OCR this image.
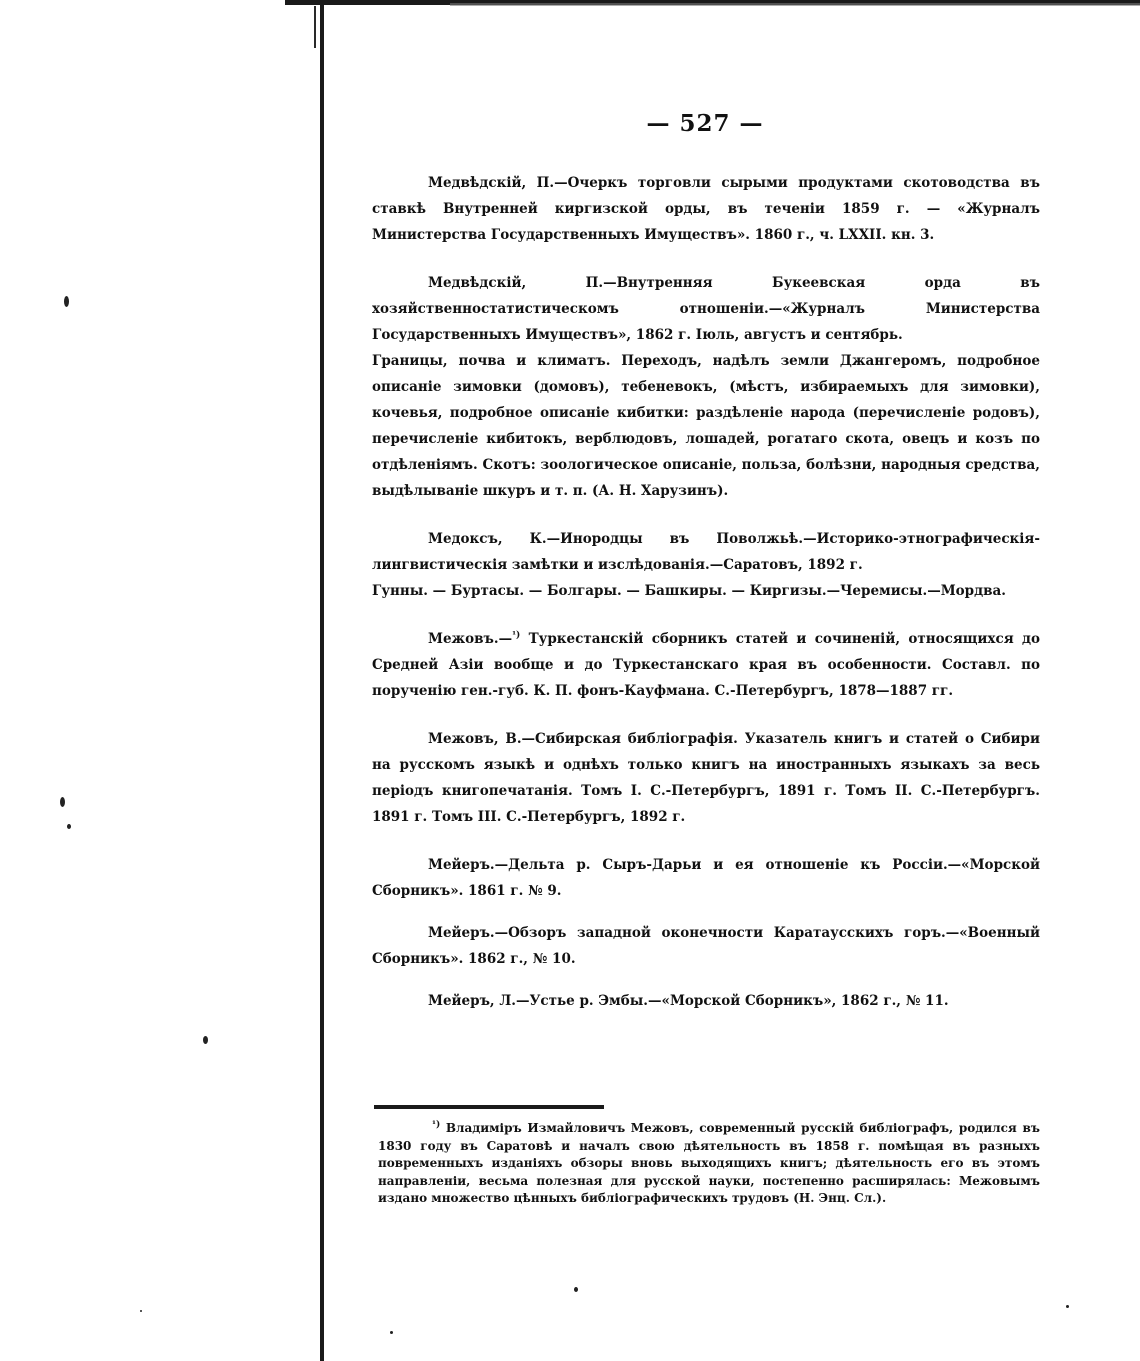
— 527 —

Медвѣдскій, П.—Очеркъ торговли сырыми продуктами скотоводства въ ставкѣ Внутренней киргизской орды, въ теченіи 1859 г. — «Журналъ Министерства Государственныхъ Имуществъ». 1860 г., ч. LXXII. кн. 3.

Медвѣдскій, П.—Внутренняя Букеевская орда въ хозяйственностатистическомъ отношеніи.—«Журналъ Министерства Государственныхъ Имуществъ», 1862 г. Іюль, августъ и сентябрь.
Границы, почва и климатъ. Переходъ, надѣлъ земли Джангеромъ, подробное описаніе зимовки (домовъ), тебеневокъ, (мѣстъ, избираемыхъ для зимовки), кочевья, подробное описаніе кибитки: раздѣленіе народа (перечисленіе родовъ), перечисленіе кибитокъ, верблюдовъ, лошадей, рогатаго скота, овецъ и козъ по отдѣленіямъ. Скотъ: зоологическое описаніе, польза, болѣзни, народныя средства, выдѣлываніе шкуръ и т. п. (А. Н. Харузинъ).

Медоксъ, К.—Инородцы въ Поволжьѣ.—Историко-этнографическія-лингвистическія замѣтки и изслѣдованія.—Саратовъ, 1892 г.
Гунны. — Буртасы. — Болгары. — Башкиры. — Киргизы.—Черемисы.—Мордва.

Межовъ.—$^{^1)}$ Туркестанскій сборникъ статей и сочиненій, относящихся до Средней Азіи вообще и до Туркестанскаго края въ особенности. Составл. по порученію ген.-губ. К. П. фонъ-Кауфмана. С.-Петербургъ, 1878—1887 гг.

Межовъ, В.—Сибирская библіографія. Указатель книгъ и статей о Сибири на русскомъ языкѣ и однѣхъ только книгъ на иностранныхъ языкахъ за весь періодъ книгопечатанія. Томъ I. С.-Петербургъ, 1891 г. Томъ II. С.-Петербургъ. 1891 г. Томъ III. С.-Петербургъ, 1892 г.

Мейеръ.—Дельта р. Сыръ-Дарьи и ея отношеніе къ Россіи.—«Морской Сборникъ». 1861 г. № 9.

Мейеръ.—Обзоръ западной оконечности Каратаусскихъ горъ.—«Военный Сборникъ». 1862 г., № 10.

Мейеръ, Л.—Устье р. Эмбы.—«Морской Сборникъ», 1862 г., № 11.

$^{^1)}$ Владиміръ Измайловичъ Межовъ, современный русскій библіографъ, родился въ 1830 году въ Саратовѣ и началъ свою дѣятельность въ 1858 г. помѣщая въ разныхъ повременныхъ изданіяхъ обзоры вновь выходящихъ книгъ; дѣятельность его въ этомъ направленіи, весьма полезная для русской науки, постепенно расширялась: Межовымъ издано множество цѣнныхъ библіографическихъ трудовъ (Н. Энц. Сл.).
